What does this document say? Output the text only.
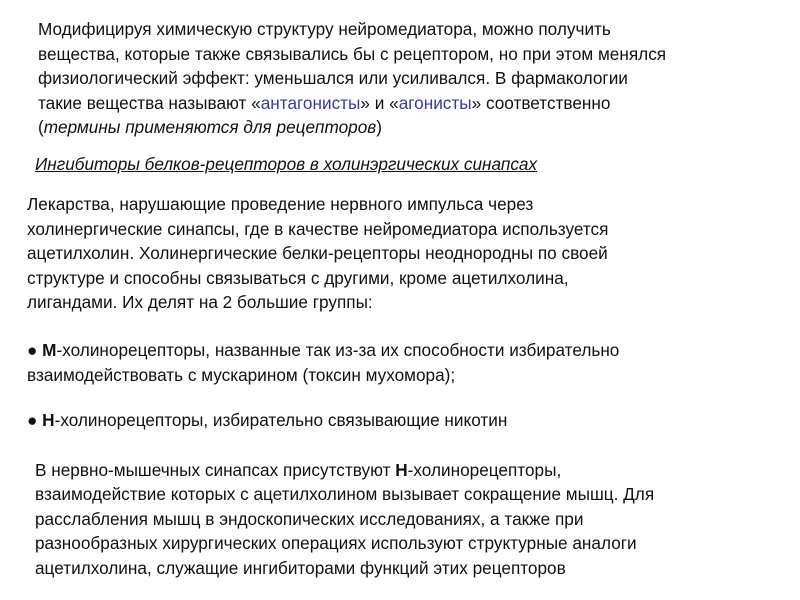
Модифицируя химическую структуру нейромедиатора, можно получить
вещества, которые также связывались бы с рецептором, но при этом менялся
физиологический эффект: уменьшался или усиливался. В фармакологии
такие вещества называют «антагонисты» и «агонисты» соответственно
(термины применяются для рецепторов)
Ингибиторы белков-рецепторов в холинэргических синапсах
Лекарства, нарушающие проведение нервного импульса через
холинергические синапсы, где в качестве нейромедиатора используется
ацетилхолин. Холинергические белки-рецепторы неоднородны по своей
структуре и способны связываться с другими, кроме ацетилхолина,
лигандами. Их делят на 2 большие группы:
● М-холинорецепторы, названные так из-за их способности избирательно
взаимодействовать с мускарином (токсин мухомора);
● Н-холинорецепторы, избирательно связывающие никотин
В нервно-мышечных синапсах присутствуют Н-холинорецепторы,
взаимодействие которых с ацетилхолином вызывает сокращение мышц. Для
расслабления мышц в эндоскопических исследованиях, а также при
разнообразных хирургических операциях используют структурные аналоги
ацетилхолина, служащие ингибиторами функций этих рецепторов
